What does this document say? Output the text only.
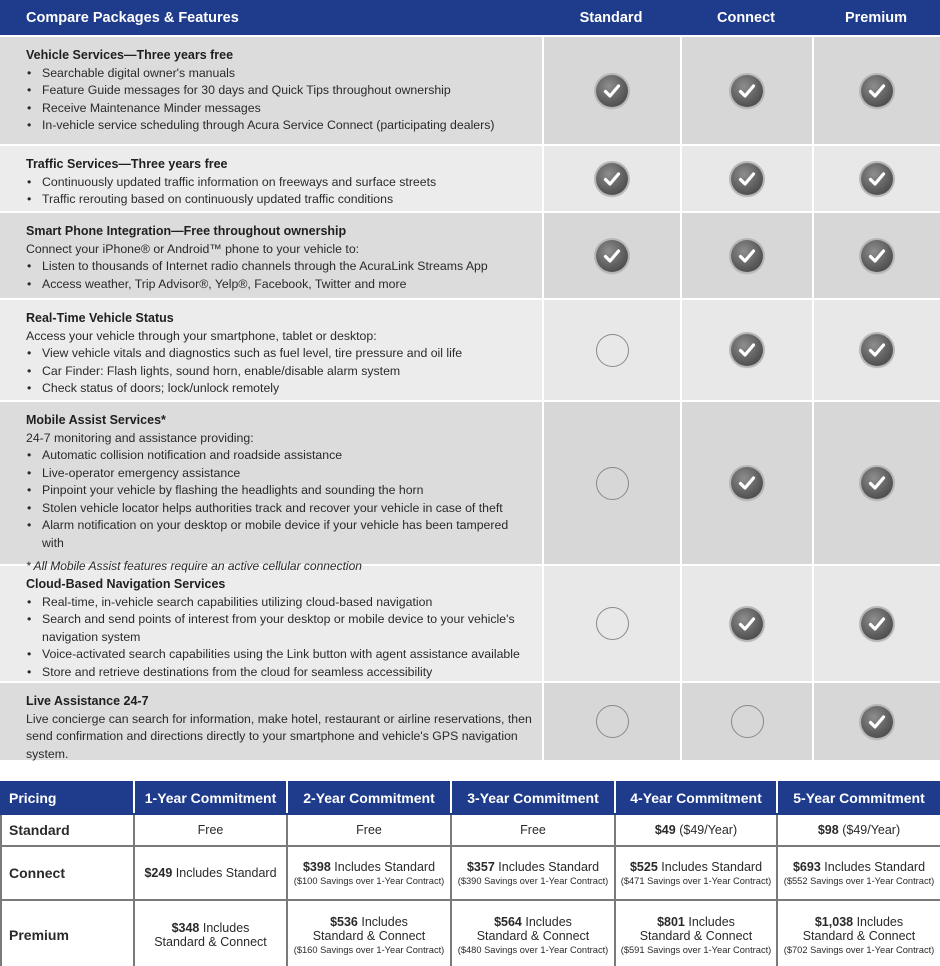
Compare Packages & Features	Standard	Connect	Premium
Vehicle Services—Three years free
• Searchable digital owner's manuals
• Feature Guide messages for 30 days and Quick Tips throughout ownership
• Receive Maintenance Minder messages
• In-vehicle service scheduling through Acura Service Connect (participating dealers)
Traffic Services—Three years free
• Continuously updated traffic information on freeways and surface streets
• Traffic rerouting based on continuously updated traffic conditions
Smart Phone Integration—Free throughout ownership
Connect your iPhone® or Android™ phone to your vehicle to:
• Listen to thousands of Internet radio channels through the AcuraLink Streams App
• Access weather, Trip Advisor®, Yelp®, Facebook, Twitter and more
Real-Time Vehicle Status
Access your vehicle through your smartphone, tablet or desktop:
• View vehicle vitals and diagnostics such as fuel level, tire pressure and oil life
• Car Finder: Flash lights, sound horn, enable/disable alarm system
• Check status of doors; lock/unlock remotely
Mobile Assist Services*
24-7 monitoring and assistance providing:
• Automatic collision notification and roadside assistance
• Live-operator emergency assistance
• Pinpoint your vehicle by flashing the headlights and sounding the horn
• Stolen vehicle locator helps authorities track and recover your vehicle in case of theft
• Alarm notification on your desktop or mobile device if your vehicle has been tampered with
* All Mobile Assist features require an active cellular connection
Cloud-Based Navigation Services
• Real-time, in-vehicle search capabilities utilizing cloud-based navigation
• Search and send points of interest from your desktop or mobile device to your vehicle's navigation system
• Voice-activated search capabilities using the Link button with agent assistance available
• Store and retrieve destinations from the cloud for seamless accessibility
Live Assistance 24-7
Live concierge can search for information, make hotel, restaurant or airline reservations, then send confirmation and directions directly to your smartphone and vehicle's GPS navigation system.
Pricing	1-Year Commitment	2-Year Commitment	3-Year Commitment	4-Year Commitment	5-Year Commitment
Standard	Free	Free	Free	$49 ($49/Year)	$98 ($49/Year)

Connect	$249 Includes Standard	$398 Includes Standard
($100 Savings over 1-Year Contract)	$357 Includes Standard
($390 Savings over 1-Year Contract)	$525 Includes Standard
($471 Savings over 1-Year Contract)	$693 Includes Standard
($552 Savings over 1-Year Contract)

Premium	$348 Includes
Standard & Connect	$536 Includes
Standard & Connect
($160 Savings over 1-Year Contract)	$564 Includes
Standard & Connect
($480 Savings over 1-Year Contract)	$801 Includes
Standard & Connect
($591 Savings over 1-Year Contract)	$1,038 Includes
Standard & Connect
($702 Savings over 1-Year Contract)
